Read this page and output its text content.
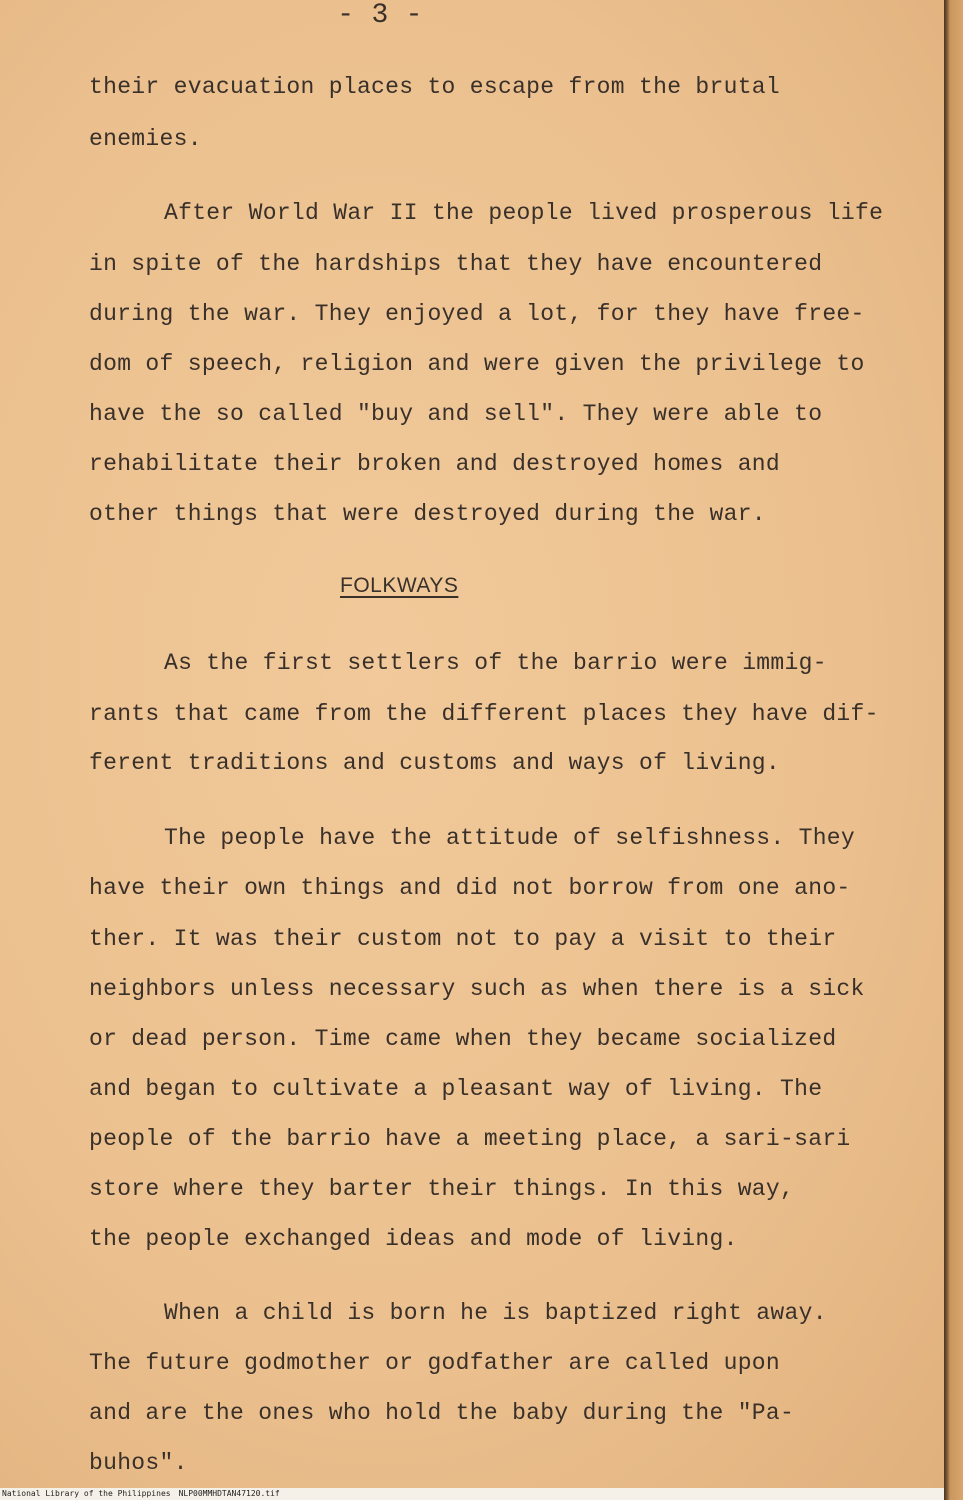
- 3 -
their evacuation places to escape from the brutal
enemies.
After World War II the people lived prosperous life
in spite of the hardships that they have encountered
during the war. They enjoyed a lot, for they have free-
dom of speech, religion and were given the privilege to
have the so called "buy and sell". They were able to
rehabilitate their broken and destroyed homes and
other things that were destroyed during the war.
FOLKWAYS
As the first settlers of the barrio were immig-
rants that came from the different places they have dif-
ferent traditions and customs and ways of living.
The people have the attitude of selfishness. They
have their own things and did not borrow from one ano-
ther. It was their custom not to pay a visit to their
neighbors unless necessary such as when there is a sick
or dead person. Time came when they became socialized
and began to cultivate a pleasant way of living. The
people of the barrio have a meeting place, a sari-sari
store where they barter their things. In this way,
the people exchanged ideas and mode of living.
When a child is born he is baptized right away.
The future godmother or godfather are called upon
and are the ones who hold the baby during the "Pa-
buhos".
National Library of the Philippines NLP00MMHDTAN47120.tif
